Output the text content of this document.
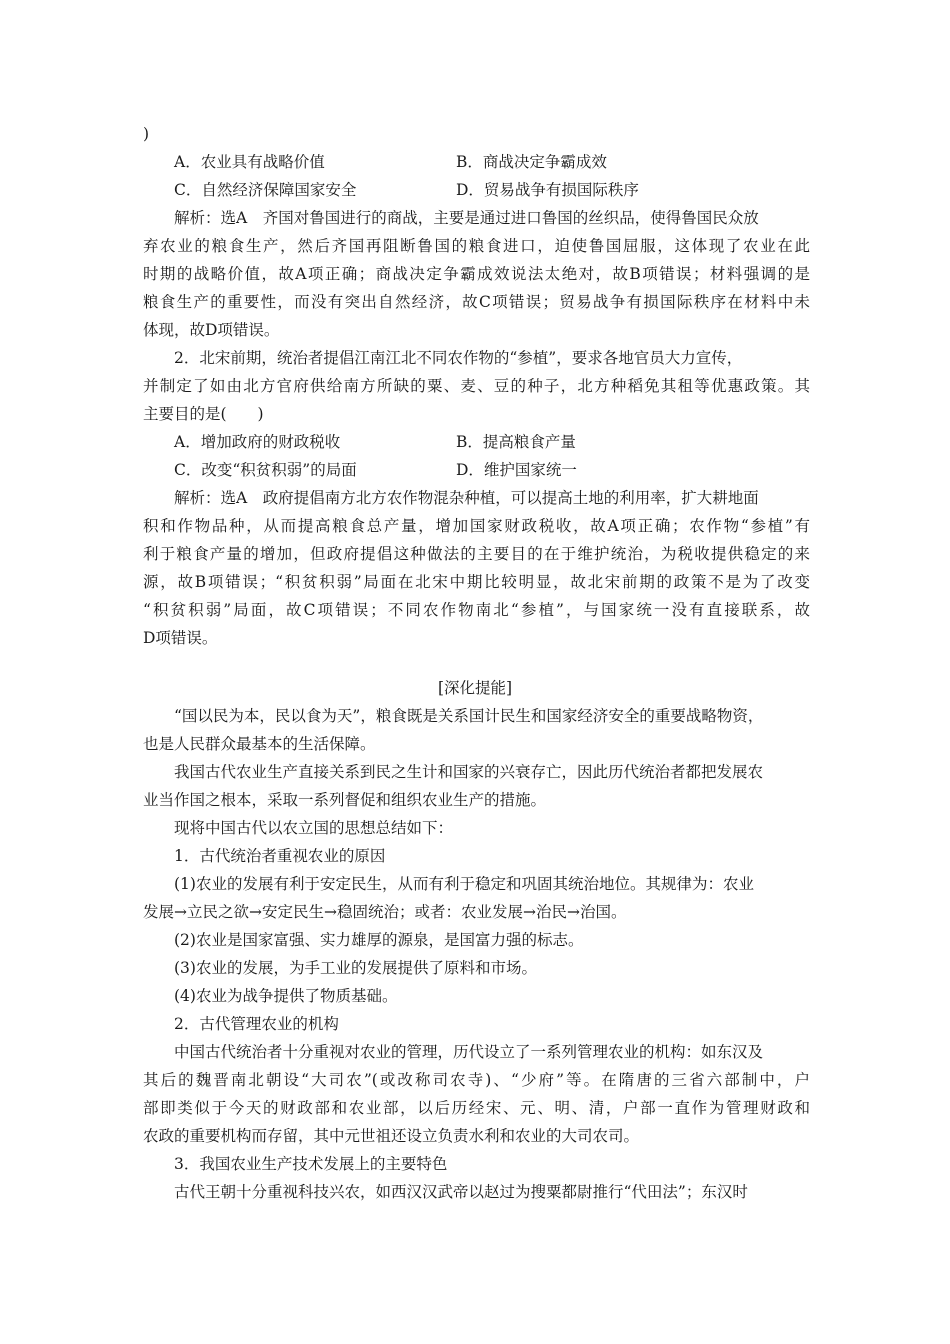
)
A．农业具有战略价值	B．商战决定争霸成效
C．自然经济保障国家安全	D．贸易战争有损国际秩序
解析：选A　齐国对鲁国进行的商战，主要是通过进口鲁国的丝织品，使得鲁国民众放
弃农业的粮食生产，然后齐国再阻断鲁国的粮食进口，迫使鲁国屈服，这体现了农业在此
时期的战略价值，故A项正确；商战决定争霸成效说法太绝对，故B项错误；材料强调的是
粮食生产的重要性，而没有突出自然经济，故C项错误；贸易战争有损国际秩序在材料中未
体现，故D项错误。
2．北宋前期，统治者提倡江南江北不同农作物的“参植”，要求各地官员大力宣传，
并制定了如由北方官府供给南方所缺的粟、麦、豆的种子，北方种稻免其租等优惠政策。其
主要目的是(　　)
A．增加政府的财政税收	B．提高粮食产量
C．改变“积贫积弱”的局面	D．维护国家统一
解析：选A　政府提倡南方北方农作物混杂种植，可以提高土地的利用率，扩大耕地面
积和作物品种，从而提高粮食总产量，增加国家财政税收，故A项正确；农作物“参植”有
利于粮食产量的增加，但政府提倡这种做法的主要目的在于维护统治，为税收提供稳定的来
源，故B项错误；“积贫积弱”局面在北宋中期比较明显，故北宋前期的政策不是为了改变
“积贫积弱”局面，故C项错误；不同农作物南北“参植”，与国家统一没有直接联系，故
D项错误。
[深化提能]
“国以民为本，民以食为天”，粮食既是关系国计民生和国家经济安全的重要战略物资，
也是人民群众最基本的生活保障。
我国古代农业生产直接关系到民之生计和国家的兴衰存亡，因此历代统治者都把发展农
业当作国之根本，采取一系列督促和组织农业生产的措施。
现将中国古代以农立国的思想总结如下：
1．古代统治者重视农业的原因
(1)农业的发展有利于安定民生，从而有利于稳定和巩固其统治地位。其规律为：农业
发展→立民之欲→安定民生→稳固统治；或者：农业发展→治民→治国。
(2)农业是国家富强、实力雄厚的源泉，是国富力强的标志。
(3)农业的发展，为手工业的发展提供了原料和市场。
(4)农业为战争提供了物质基础。
2．古代管理农业的机构
中国古代统治者十分重视对农业的管理，历代设立了一系列管理农业的机构：如东汉及
其后的魏晋南北朝设“大司农”(或改称司农寺)、“少府”等。在隋唐的三省六部制中，户
部即类似于今天的财政部和农业部，以后历经宋、元、明、清，户部一直作为管理财政和
农政的重要机构而存留，其中元世祖还设立负责水利和农业的大司农司。
3．我国农业生产技术发展上的主要特色
古代王朝十分重视科技兴农，如西汉汉武帝以赵过为搜粟都尉推行“代田法”；东汉时
